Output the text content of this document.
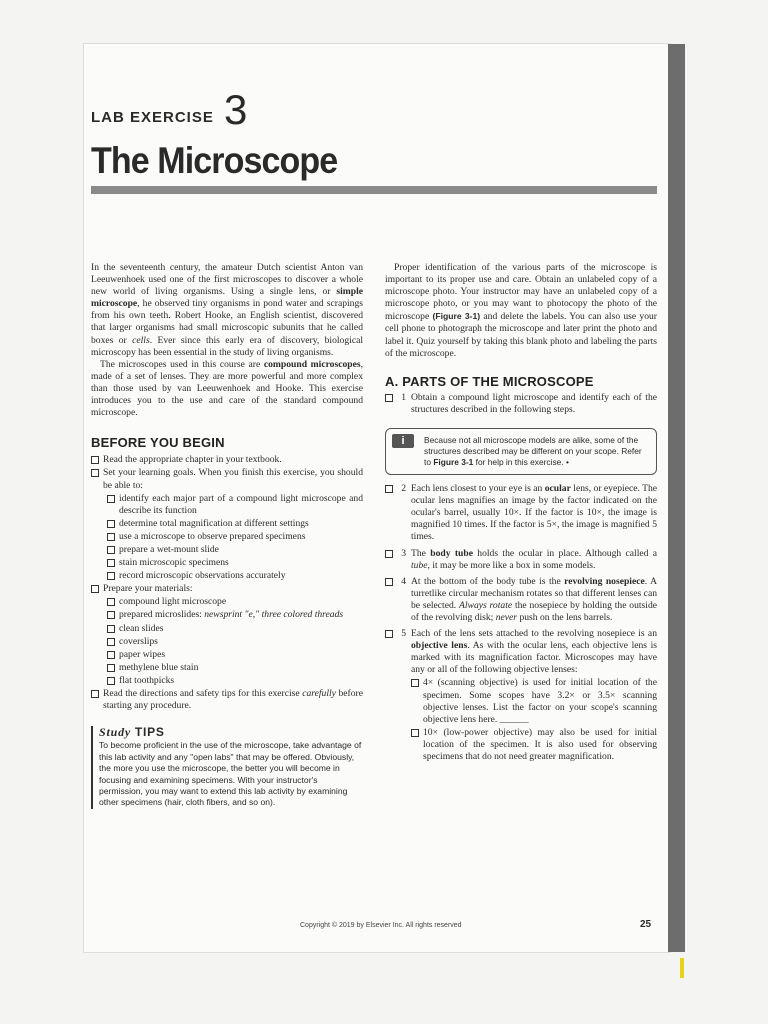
LAB EXERCISE 3
The Microscope

In the seventeenth century, the amateur Dutch scientist Anton van Leeuwenhoek used one of the first microscopes to discover a whole new world of living organisms. Using a single lens, or simple microscope, he observed tiny organisms in pond water and scrapings from his own teeth. Robert Hooke, an English scientist, discovered that larger organisms had small microscopic subunits that he called boxes or cells. Ever since this early era of discovery, biological microscopy has been essential in the study of living organisms.

The microscopes used in this course are compound microscopes, made of a set of lenses. They are more powerful and more complex than those used by van Leeuwenhoek and Hooke. This exercise introduces you to the use and care of the standard compound microscope.

BEFORE YOU BEGIN
Read the appropriate chapter in your textbook.
Set your learning goals. When you finish this exercise, you should be able to:
identify each major part of a compound light microscope and describe its function
determine total magnification at different settings
use a microscope to observe prepared specimens
prepare a wet-mount slide
stain microscopic specimens
record microscopic observations accurately
Prepare your materials:
compound light microscope
prepared microslides: newsprint "e," three colored threads
clean slides
coverslips
paper wipes
methylene blue stain
flat toothpicks
Read the directions and safety tips for this exercise carefully before starting any procedure.
Study TIPS
To become proficient in the use of the microscope, take advantage of this lab activity and any "open labs" that may be offered. Obviously, the more you use the microscope, the better you will become in focusing and examining specimens. With your instructor's permission, you may want to extend this lab activity by examining other specimens (hair, cloth fibers, and so on).

Proper identification of the various parts of the microscope is important to its proper use and care. Obtain an unlabeled copy of a microscope photo. Your instructor may have an unlabeled copy of a microscope photo, or you may want to photocopy the photo of the microscope (Figure 3-1) and delete the labels. You can also use your cell phone to photograph the microscope and later print the photo and label it. Quiz yourself by taking this blank photo and labeling the parts of the microscope.

A. PARTS OF THE MICROSCOPE
1 Obtain a compound light microscope and identify each of the structures described in the following steps.
i	Because not all microscope models are alike, some of the structures described may be different on your scope. Refer to Figure 3-1 for help in this exercise. •
2 Each lens closest to your eye is an ocular lens, or eyepiece. The ocular lens magnifies an image by the factor indicated on the ocular's barrel, usually 10×. If the factor is 10×, the image is magnified 10 times. If the factor is 5×, the image is magnified 5 times.
3 The body tube holds the ocular in place. Although called a tube, it may be more like a box in some models.
4 At the bottom of the body tube is the revolving nosepiece. A turretlike circular mechanism rotates so that different lenses can be selected. Always rotate the nosepiece by holding the outside of the revolving disk; never push on the lens barrels.
5 Each of the lens sets attached to the revolving nosepiece is an objective lens. As with the ocular lens, each objective lens is marked with its magnification factor. Microscopes may have any or all of the following objective lenses:
4× (scanning objective) is used for initial location of the specimen. Some scopes have 3.2× or 3.5× scanning objective lenses. List the factor on your scope's scanning objective lens here. ______
10× (low-power objective) may also be used for initial location of the specimen. It is also used for observing specimens that do not need greater magnification.
Copyright © 2019 by Elsevier Inc. All rights reserved	25
